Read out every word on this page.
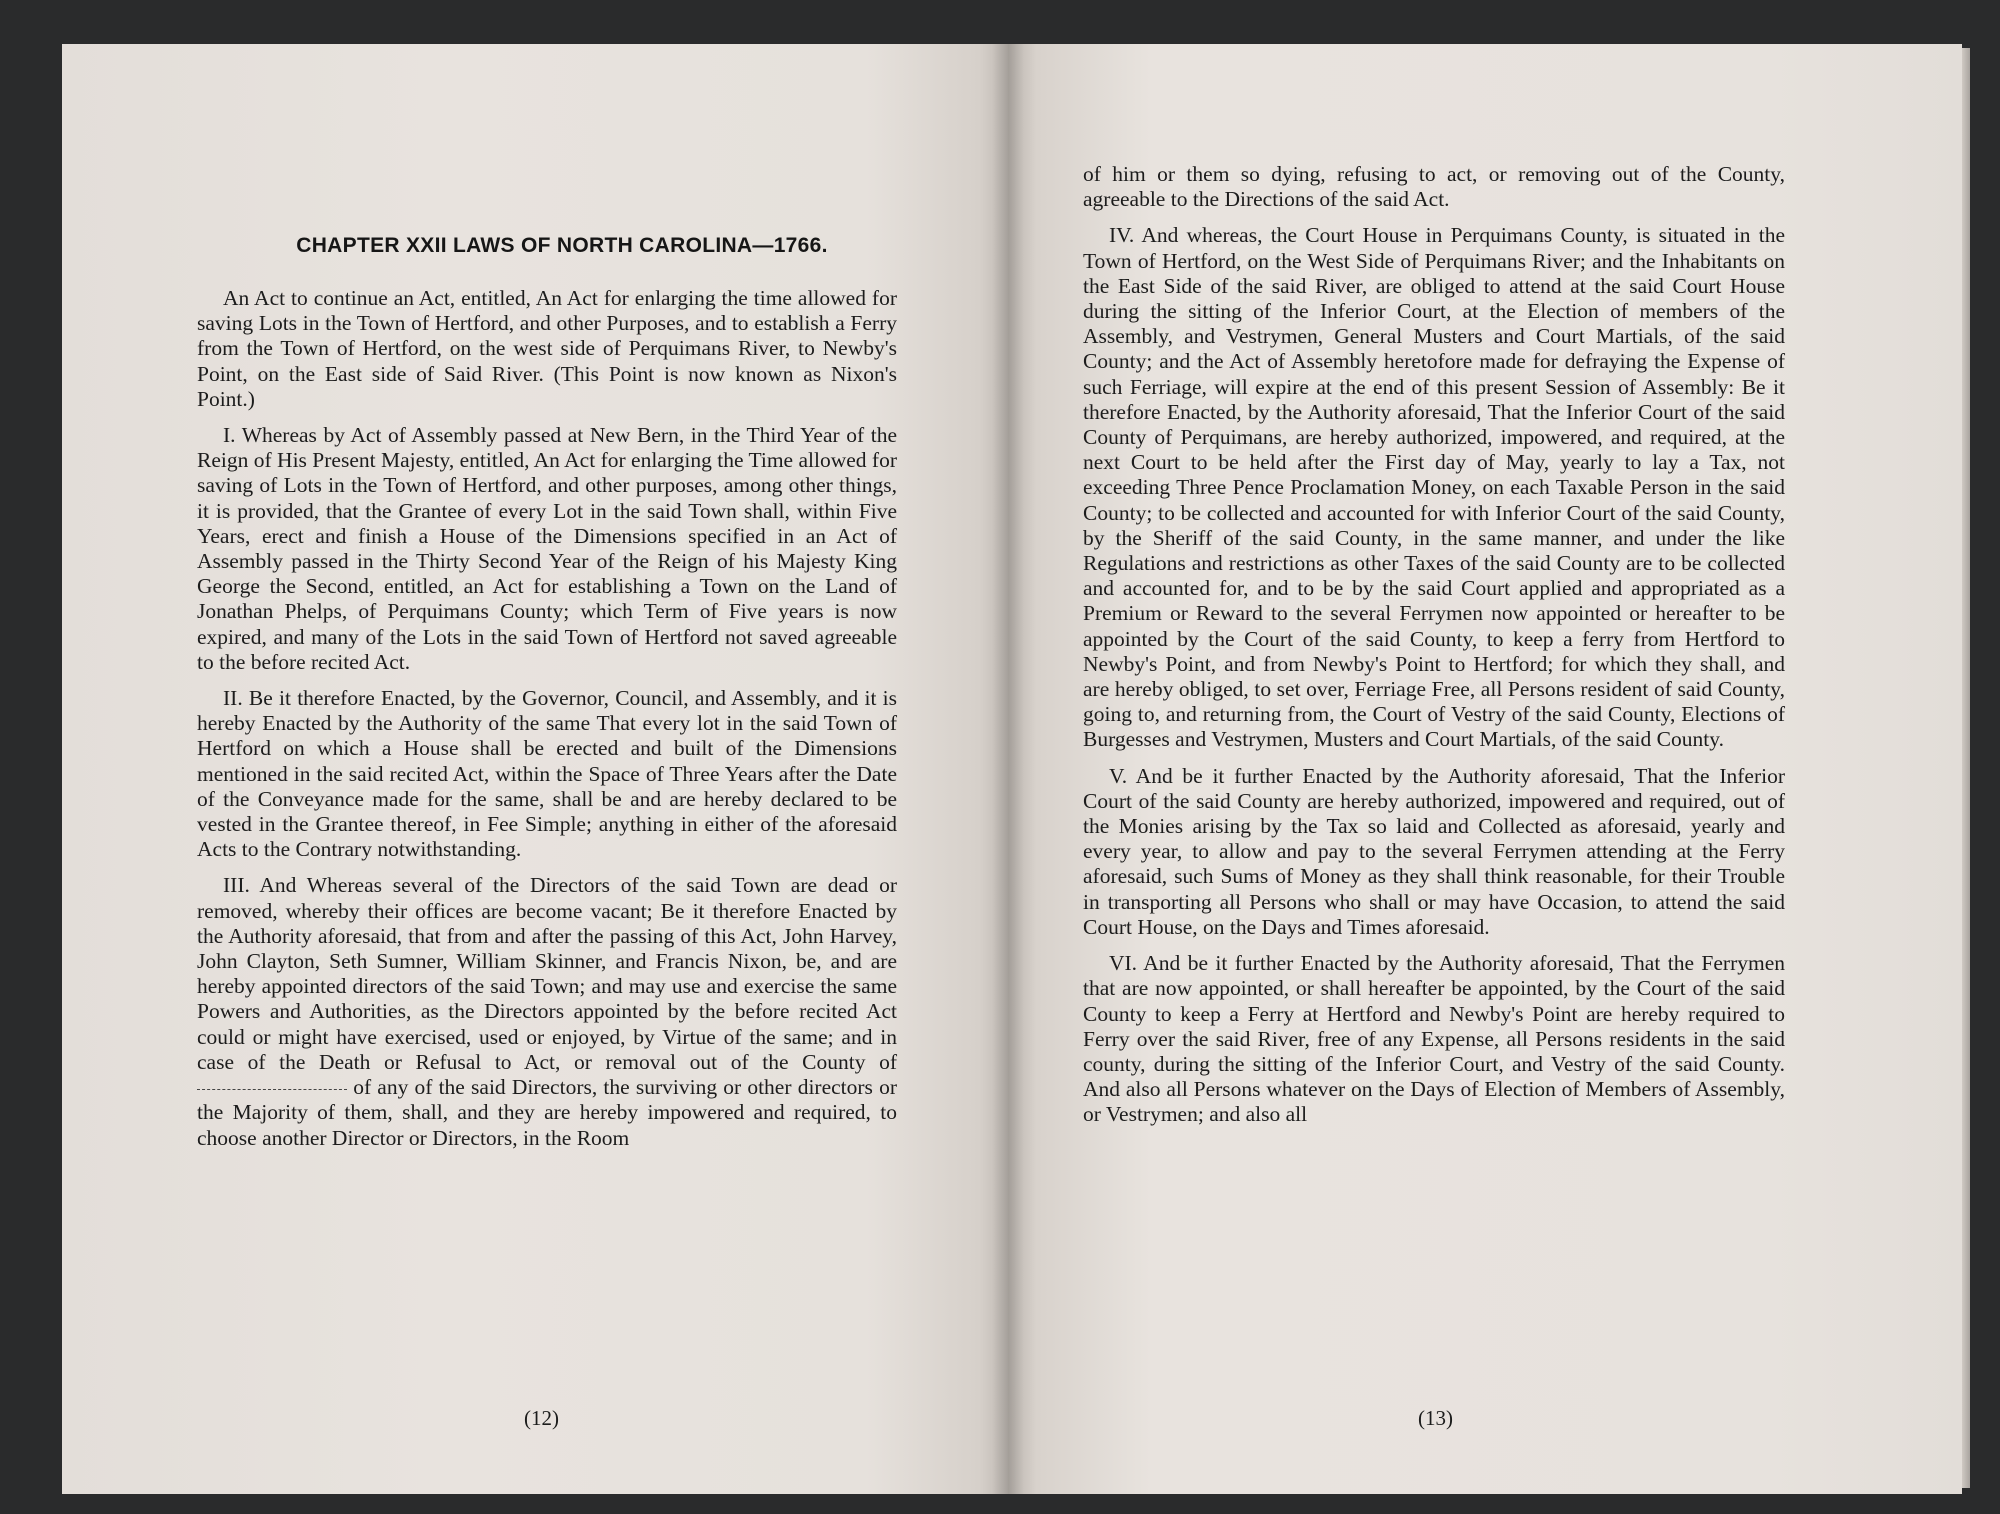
CHAPTER XXII LAWS OF NORTH CAROLINA—1766.

An Act to continue an Act, entitled, An Act for enlarging the time allowed for saving Lots in the Town of Hertford, and other Purposes, and to establish a Ferry from the Town of Hertford, on the west side of Perquimans River, to Newby's Point, on the East side of Said River. (This Point is now known as Nixon's Point.)

I. Whereas by Act of Assembly passed at New Bern, in the Third Year of the Reign of His Present Majesty, entitled, An Act for enlarging the Time allowed for saving of Lots in the Town of Hertford, and other purposes, among other things, it is provided, that the Grantee of every Lot in the said Town shall, within Five Years, erect and finish a House of the Dimensions specified in an Act of Assembly passed in the Thirty Second Year of the Reign of his Majesty King George the Second, entitled, an Act for establishing a Town on the Land of Jonathan Phelps, of Perquimans County; which Term of Five years is now expired, and many of the Lots in the said Town of Hertford not saved agreeable to the before recited Act.

II. Be it therefore Enacted, by the Governor, Council, and Assembly, and it is hereby Enacted by the Authority of the same That every lot in the said Town of Hertford on which a House shall be erected and built of the Dimensions mentioned in the said recited Act, within the Space of Three Years after the Date of the Conveyance made for the same, shall be and are hereby declared to be vested in the Grantee thereof, in Fee Simple; anything in either of the aforesaid Acts to the Contrary notwithstanding.

III. And Whereas several of the Directors of the said Town are dead or removed, whereby their offices are become vacant; Be it therefore Enacted by the Authority aforesaid, that from and after the passing of this Act, John Harvey, John Clayton, Seth Sumner, William Skinner, and Francis Nixon, be, and are hereby appointed directors of the said Town; and may use and exercise the same Powers and Authorities, as the Directors appointed by the before recited Act could or might have exercised, used or enjoyed, by Virtue of the same; and in case of the Death or Refusal to Act, or removal out of the County of  of any of the said Directors, the surviving or other directors or the Majority of them, shall, and they are hereby impowered and required, to choose another Director or Directors, in the Room

(12)

of him or them so dying, refusing to act, or removing out of the County, agreeable to the Directions of the said Act.

IV. And whereas, the Court House in Perquimans County, is situated in the Town of Hertford, on the West Side of Perquimans River; and the Inhabitants on the East Side of the said River, are obliged to attend at the said Court House during the sitting of the Inferior Court, at the Election of members of the Assembly, and Vestrymen, General Musters and Court Martials, of the said County; and the Act of Assembly heretofore made for defraying the Expense of such Ferriage, will expire at the end of this present Session of Assembly: Be it therefore Enacted, by the Authority aforesaid, That the Inferior Court of the said County of Perquimans, are hereby authorized, impowered, and required, at the next Court to be held after the First day of May, yearly to lay a Tax, not exceeding Three Pence Proclamation Money, on each Taxable Person in the said County; to be collected and accounted for with Inferior Court of the said County, by the Sheriff of the said County, in the same manner, and under the like Regulations and restrictions as other Taxes of the said County are to be collected and accounted for, and to be by the said Court applied and appropriated as a Premium or Reward to the several Ferrymen now appointed or hereafter to be appointed by the Court of the said County, to keep a ferry from Hertford to Newby's Point, and from Newby's Point to Hertford; for which they shall, and are hereby obliged, to set over, Ferriage Free, all Persons resident of said County, going to, and returning from, the Court of Vestry of the said County, Elections of Burgesses and Vestrymen, Musters and Court Martials, of the said County.

V. And be it further Enacted by the Authority aforesaid, That the Inferior Court of the said County are hereby authorized, impowered and required, out of the Monies arising by the Tax so laid and Collected as aforesaid, yearly and every year, to allow and pay to the several Ferrymen attending at the Ferry aforesaid, such Sums of Money as they shall think reasonable, for their Trouble in transporting all Persons who shall or may have Occasion, to attend the said Court House, on the Days and Times aforesaid.

VI. And be it further Enacted by the Authority aforesaid, That the Ferrymen that are now appointed, or shall hereafter be appointed, by the Court of the said County to keep a Ferry at Hertford and Newby's Point are hereby required to Ferry over the said River, free of any Expense, all Persons residents in the said county, during the sitting of the Inferior Court, and Vestry of the said County. And also all Persons whatever on the Days of Election of Members of Assembly, or Vestrymen; and also all

(13)
